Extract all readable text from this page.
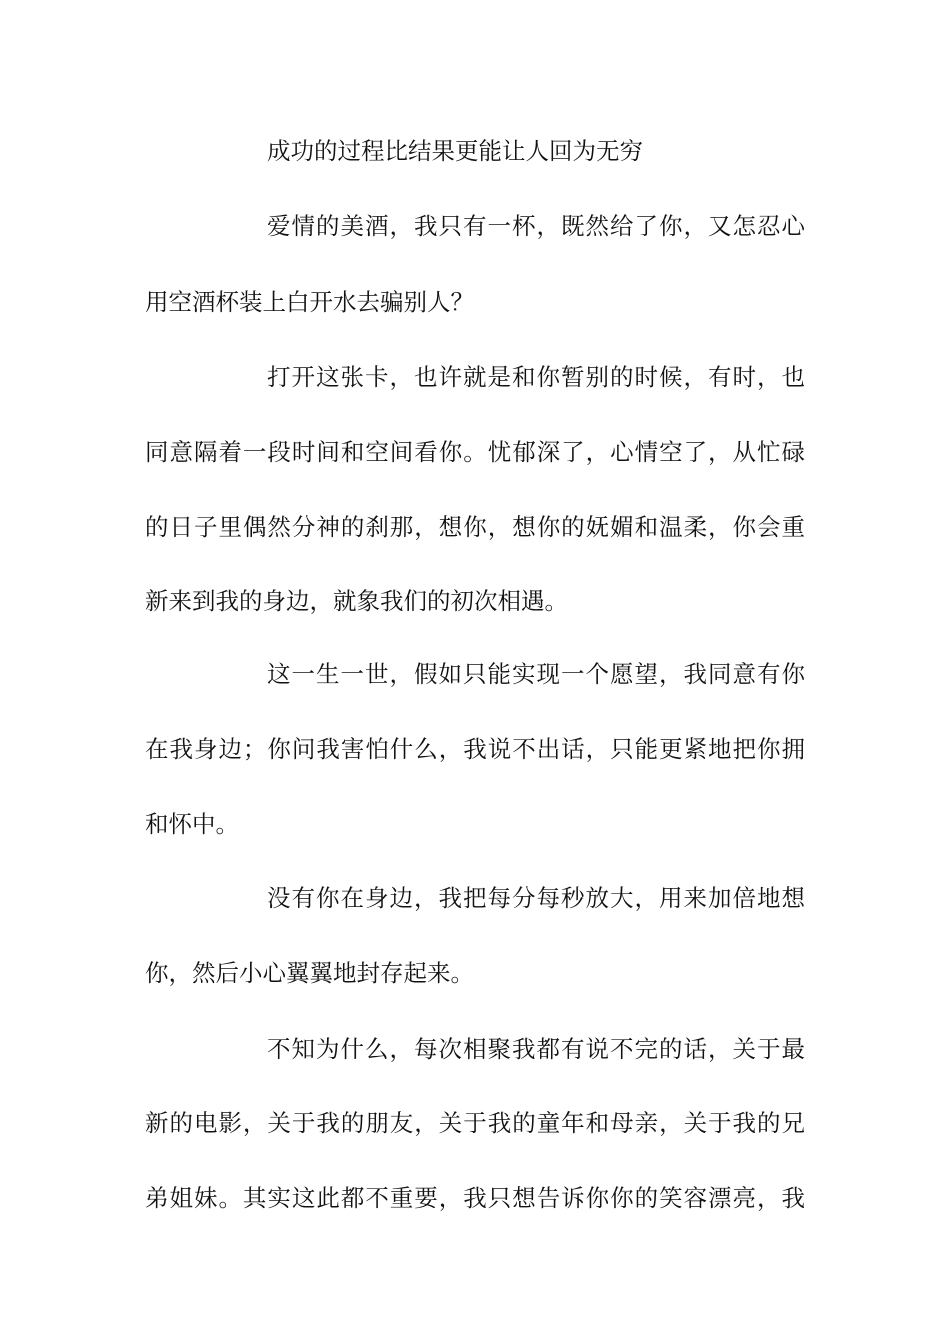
成功的过程比结果更能让人回为无穷
爱情的美酒，我只有一杯，既然给了你，又怎忍心
用空酒杯装上白开水去骗别人？
打开这张卡，也许就是和你暂别的时候，有时，也
同意隔着一段时间和空间看你。忧郁深了，心情空了，从忙碌
的日子里偶然分神的刹那，想你，想你的妩媚和温柔，你会重
新来到我的身边，就象我们的初次相遇。
这一生一世，假如只能实现一个愿望，我同意有你
在我身边；你问我害怕什么，我说不出话，只能更紧地把你拥
和怀中。
没有你在身边，我把每分每秒放大，用来加倍地想
你，然后小心翼翼地封存起来。
不知为什么，每次相聚我都有说不完的话，关于最
新的电影，关于我的朋友，关于我的童年和母亲，关于我的兄
弟姐妹。其实这此都不重要，我只想告诉你你的笑容漂亮，我
